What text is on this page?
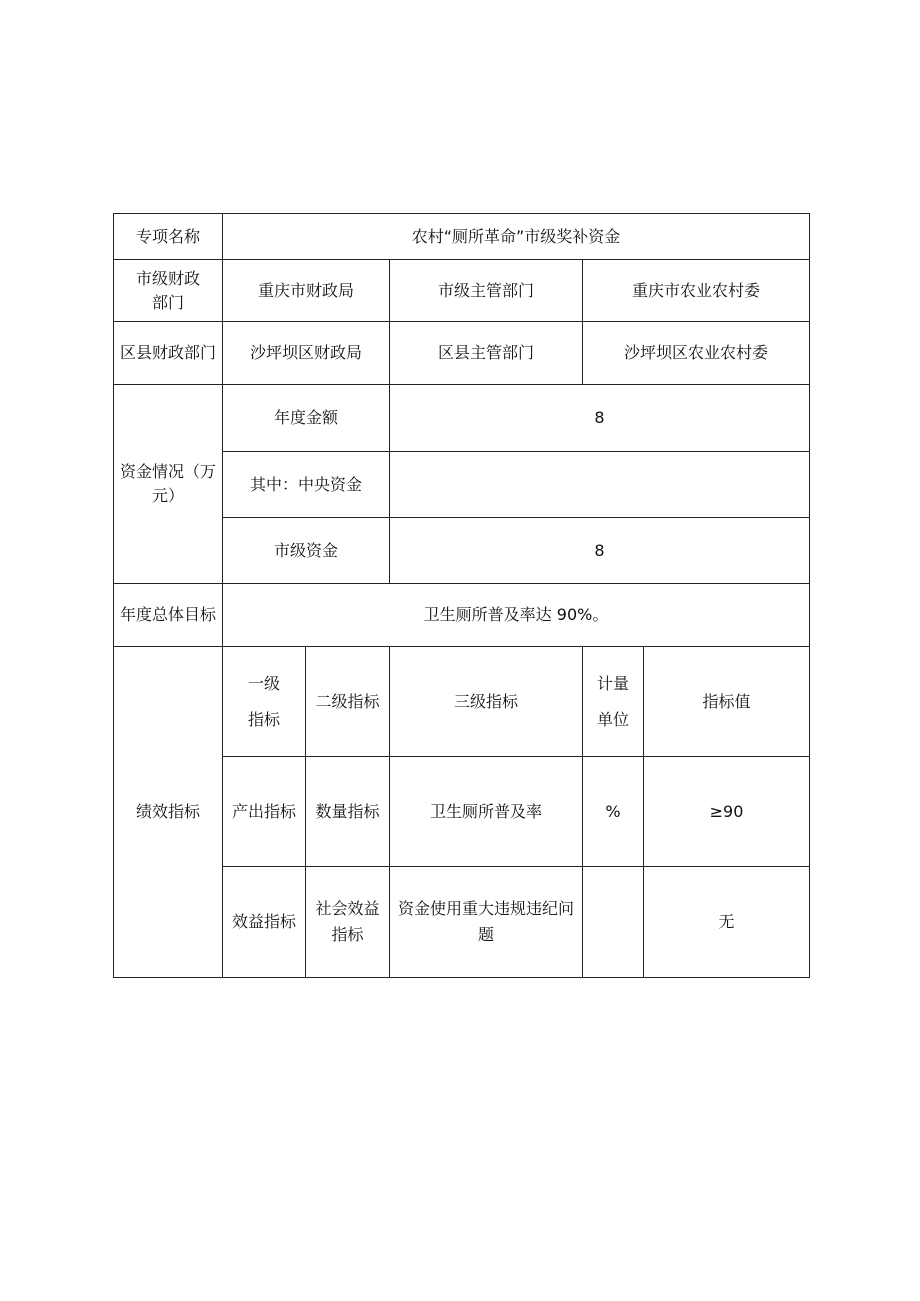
专项名称	农村“厕所革命”市级奖补资金				
市级财政部门	重庆市财政局		市级主管部门	重庆市农业农村委	
区县财政部门	沙坪坝区财政局		区县主管部门	沙坪坝区农业农村委	
资金情况（万元）	年度金额		8		
	其中：中央资金				
	市级资金		8		
年度总体目标	卫生厕所普及率达 90%。				
绩效指标	一级指标	二级指标	三级指标	计量单位	指标值
	产出指标	数量指标	卫生厕所普及率	%	≥90
	效益指标	社会效益指标	资金使用重大违规违纪问题		无
